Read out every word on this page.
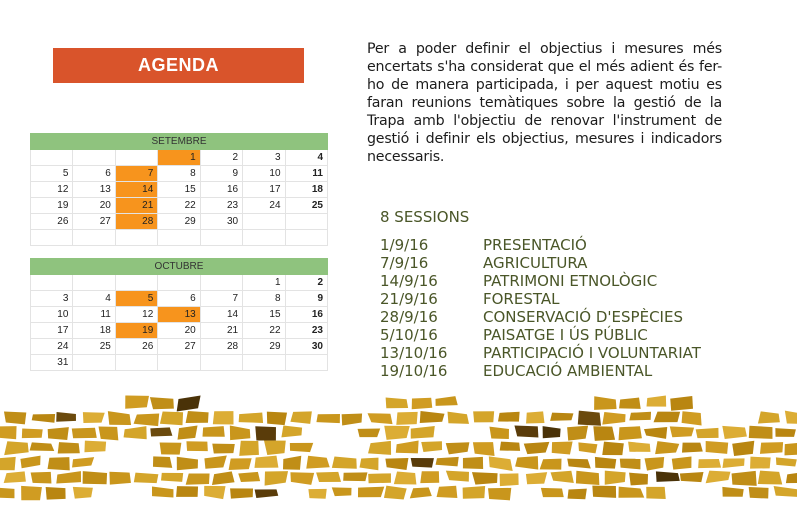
AGENDA
Per a poder definir el objectius i mesures més encertats s'ha considerat que el més adient és fer-ho de manera participada, i per aquest motiu es faran reunions temàtiques sobre la gestió de la Trapa amb l'objectiu de renovar l'instrument de gestió i definir els objectius, mesures i indicadors necessaris.
SETEMBRE						
			1	2	3	4
5	6	7	8	9	10	11
12	13	14	15	16	17	18
19	20	21	22	23	24	25
26	27	28	29	30		

OCTUBRE						
					1	2
3	4	5	6	7	8	9
10	11	12	13	14	15	16
17	18	19	20	21	22	23
24	25	26	27	28	29	30
31						
8 SESSIONS
1/9/16	PRESENTACIÓ
7/9/16	AGRICULTURA
14/9/16	PATRIMONI ETNOLÒGIC
21/9/16	FORESTAL
28/9/16	CONSERVACIÓ D'ESPÈCIES
5/10/16	PAISATGE I ÚS PÚBLIC
13/10/16	PARTICIPACIÓ I VOLUNTARIAT
19/10/16	EDUCACIÓ AMBIENTAL
